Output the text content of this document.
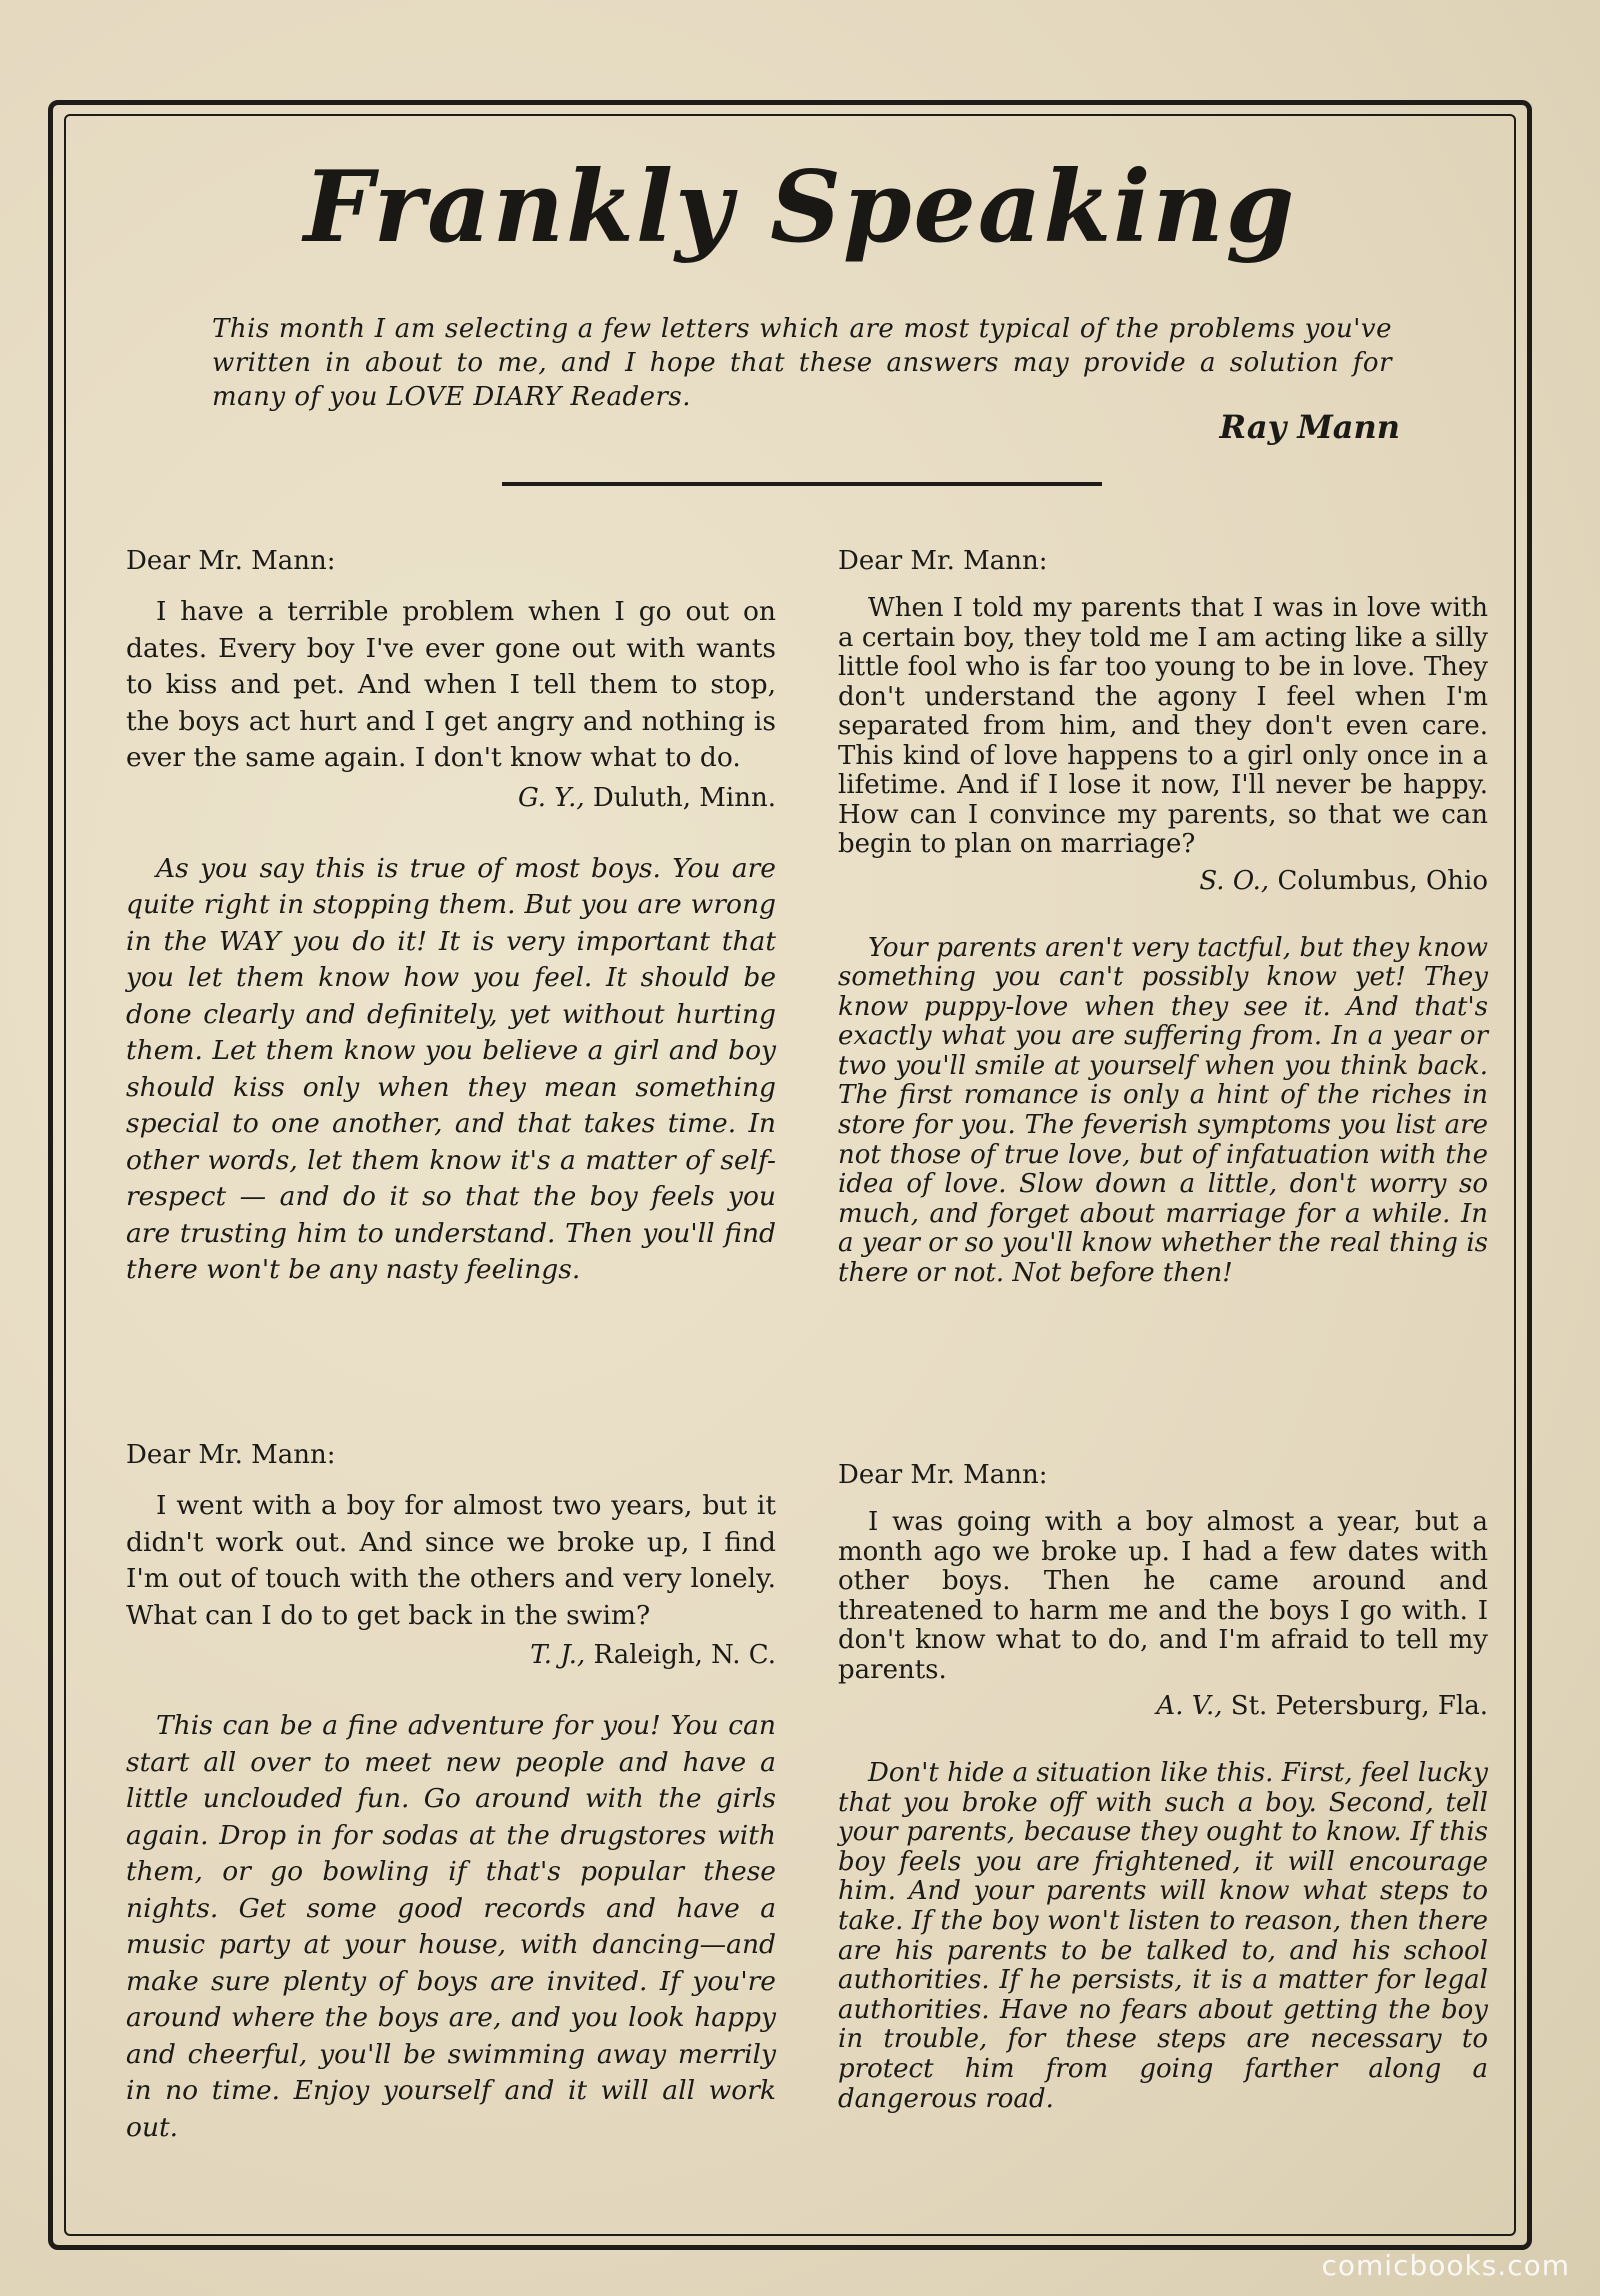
Frankly Speaking

This month I am selecting a few letters which are most typical of the problems you've written in about to me, and I hope that these answers may provide a solution for many of you LOVE DIARY Readers.

Ray Mann

Dear Mr. Mann:

I have a terrible problem when I go out on dates. Every boy I've ever gone out with wants to kiss and pet. And when I tell them to stop, the boys act hurt and I get angry and nothing is ever the same again. I don't know what to do.

G. Y., Duluth, Minn.

As you say this is true of most boys. You are quite right in stopping them. But you are wrong in the WAY you do it! It is very important that you let them know how you feel. It should be done clearly and definitely, yet without hurting them. Let them know you believe a girl and boy should kiss only when they mean something special to one another, and that takes time. In other words, let them know it's a matter of self-respect — and do it so that the boy feels you are trusting him to understand. Then you'll find there won't be any nasty feelings.

Dear Mr. Mann:

When I told my parents that I was in love with a certain boy, they told me I am acting like a silly little fool who is far too young to be in love. They don't understand the agony I feel when I'm separated from him, and they don't even care. This kind of love happens to a girl only once in a lifetime. And if I lose it now, I'll never be happy. How can I convince my parents, so that we can begin to plan on marriage?

S. O., Columbus, Ohio

Your parents aren't very tactful, but they know something you can't possibly know yet! They know puppy-love when they see it. And that's exactly what you are suffering from. In a year or two you'll smile at yourself when you think back. The first romance is only a hint of the riches in store for you. The feverish symptoms you list are not those of true love, but of infatuation with the idea of love. Slow down a little, don't worry so much, and forget about marriage for a while. In a year or so you'll know whether the real thing is there or not. Not before then!

Dear Mr. Mann:

I went with a boy for almost two years, but it didn't work out. And since we broke up, I find I'm out of touch with the others and very lonely. What can I do to get back in the swim?

T. J., Raleigh, N. C.

This can be a fine adventure for you! You can start all over to meet new people and have a little unclouded fun. Go around with the girls again. Drop in for sodas at the drugstores with them, or go bowling if that's popular these nights. Get some good records and have a music party at your house, with dancing—and make sure plenty of boys are invited. If you're around where the boys are, and you look happy and cheerful, you'll be swimming away merrily in no time. Enjoy yourself and it will all work out.

Dear Mr. Mann:

I was going with a boy almost a year, but a month ago we broke up. I had a few dates with other boys. Then he came around and threatened to harm me and the boys I go with. I don't know what to do, and I'm afraid to tell my parents.

A. V., St. Petersburg, Fla.

Don't hide a situation like this. First, feel lucky that you broke off with such a boy. Second, tell your parents, because they ought to know. If this boy feels you are frightened, it will encourage him. And your parents will know what steps to take. If the boy won't listen to reason, then there are his parents to be talked to, and his school authorities. If he persists, it is a matter for legal authorities. Have no fears about getting the boy in trouble, for these steps are necessary to protect him from going farther along a dangerous road.

comicbooks.com
